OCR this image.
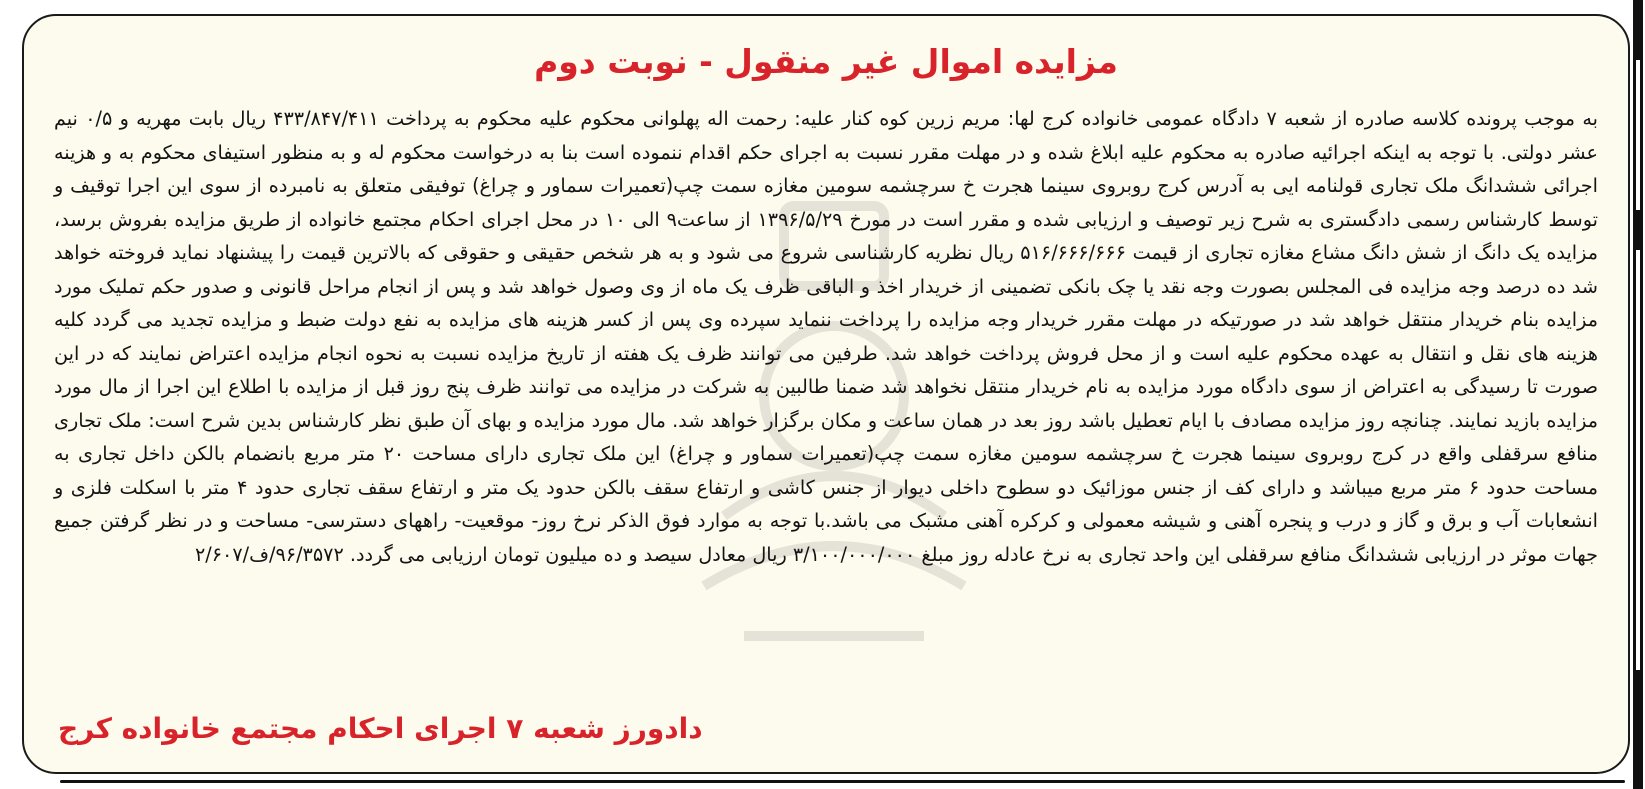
مزایده اموال غیر منقول - نوبت دوم
به موجب پرونده کلاسه صادره از شعبه ۷ دادگاه عمومی خانواده کرج لها: مریم زرین کوه کنار علیه: رحمت اله پهلوانی محکوم علیه محکوم به پرداخت ۴۳۳/۸۴۷/۴۱۱ ریال بابت مهریه و ۰/۵ نیم عشر دولتی. با توجه به اینکه اجرائیه صادره به محکوم علیه ابلاغ شده و در مهلت مقرر نسبت به اجرای حکم اقدام ننموده است بنا به درخواست محکوم له و به منظور استیفای محکوم به و هزینه اجرائی ششدانگ ملک تجاری قولنامه ایی به آدرس کرج روبروی سینما هجرت خ سرچشمه سومین مغازه سمت چپ(تعمیرات سماور و چراغ) توفیقی متعلق به نامبرده از سوی این اجرا توقیف و توسط کارشناس رسمی دادگستری به شرح زیر توصیف و ارزیابی شده و مقرر است در مورخ ۱۳۹۶/۵/۲۹ از ساعت۹ الی ۱۰ در محل اجرای احکام مجتمع خانواده از طریق مزایده بفروش برسد، مزایده یک دانگ از شش دانگ مشاع مغازه تجاری از قیمت ۵۱۶/۶۶۶/۶۶۶ ریال نظریه کارشناسی شروع می شود و به هر شخص حقیقی و حقوقی که بالاترین قیمت را پیشنهاد نماید فروخته خواهد شد ده درصد وجه مزایده فی المجلس بصورت وجه نقد یا چک بانکی تضمینی از خریدار اخذ و الباقی ظرف یک ماه از وی وصول خواهد شد و پس از انجام مراحل قانونی و صدور حکم تملیک مورد مزایده بنام خریدار منتقل خواهد شد در صورتیکه در مهلت مقرر خریدار وجه مزایده را پرداخت ننماید سپرده وی پس از کسر هزینه های مزایده به نفع دولت ضبط و مزایده تجدید می گردد کلیه هزینه های نقل و انتقال به عهده محکوم علیه است و از محل فروش پرداخت خواهد شد. طرفین می توانند ظرف یک هفته از تاریخ مزایده نسبت به نحوه انجام مزایده اعتراض نمایند که در این صورت تا رسیدگی به اعتراض از سوی دادگاه مورد مزایده به نام خریدار منتقل نخواهد شد ضمنا طالبین به شرکت در مزایده می توانند ظرف پنج روز قبل از مزایده با اطلاع این اجرا از مال مورد مزایده بازید نمایند. چنانچه روز مزایده مصادف با ایام تعطیل باشد روز بعد در همان ساعت و مکان برگزار خواهد شد. مال مورد مزایده و بهای آن طبق نظر کارشناس بدین شرح است: ملک تجاری منافع سرقفلی واقع در کرج روبروی سینما هجرت خ سرچشمه سومین مغازه سمت چپ(تعمیرات سماور و چراغ) این ملک تجاری دارای مساحت ۲۰ متر مربع بانضمام بالکن داخل تجاری به مساحت حدود ۶ متر مربع میباشد و دارای کف از جنس موزائیک دو سطوح داخلی دیوار از جنس کاشی و ارتفاع سقف بالکن حدود یک متر و ارتفاع سقف تجاری حدود ۴ متر با اسکلت فلزی و انشعابات آب و برق و گاز و درب و پنجره آهنی و شیشه معمولی و کرکره آهنی مشبک می باشد.با توجه به موارد فوق الذکر نرخ روز- موقعیت- راههای دسترسی- مساحت و در نظر گرفتن جمیع جهات موثر در ارزیابی ششدانگ منافع سرقفلی این واحد تجاری به نرخ عادله روز مبلغ ۳/۱۰۰/۰۰۰/۰۰۰ ریال معادل سیصد و ده میلیون تومان ارزیابی می گردد. ۹۶/۳۵۷۲/ف/۲/۶۰۷
دادورز شعبه ۷ اجرای احکام مجتمع خانواده کرج
